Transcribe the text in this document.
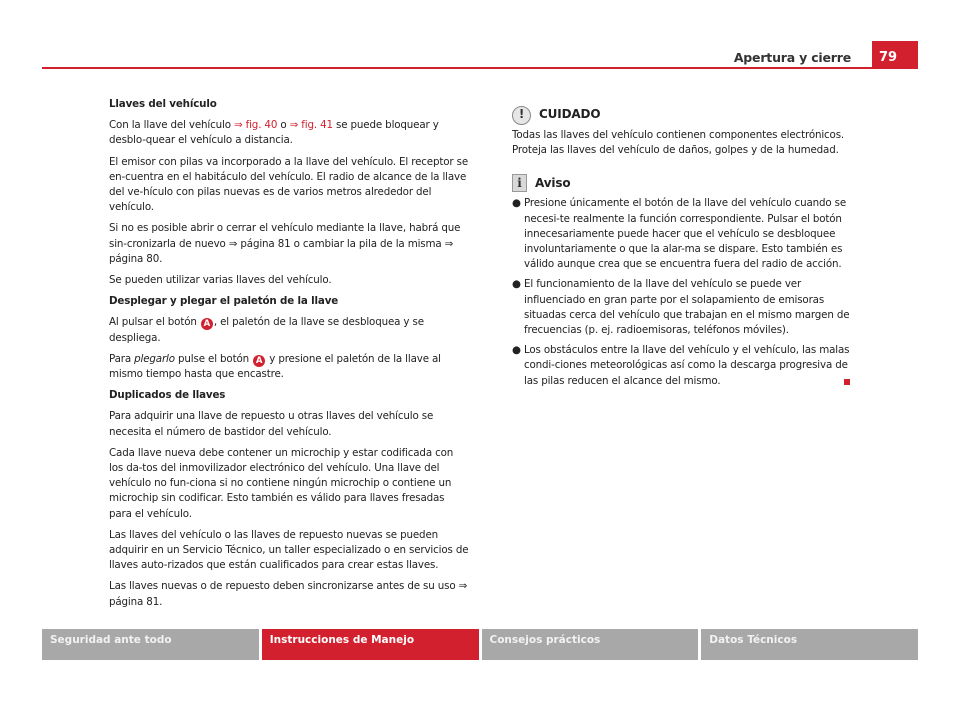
Apertura y cierre	79

Llaves del vehículo

Con la llave del vehículo ⇒ fig. 40 o ⇒ fig. 41 se puede bloquear y desblo-quear el vehículo a distancia.

El emisor con pilas va incorporado a la llave del vehículo. El receptor se en-cuentra en el habitáculo del vehículo. El radio de alcance de la llave del ve-hículo con pilas nuevas es de varios metros alrededor del vehículo.

Si no es posible abrir o cerrar el vehículo mediante la llave, habrá que sin-cronizarla de nuevo ⇒ página 81 o cambiar la pila de la misma ⇒ página 80.

Se pueden utilizar varias llaves del vehículo.

Desplegar y plegar el paletón de la llave

Al pulsar el botón A , el paletón de la llave se desbloquea y se despliega.

Para plegarlo pulse el botón A y presione el paletón de la llave al mismo tiempo hasta que encastre.

Duplicados de llaves

Para adquirir una llave de repuesto u otras llaves del vehículo se necesita el número de bastidor del vehículo.

Cada llave nueva debe contener un microchip y estar codificada con los da-tos del inmovilizador electrónico del vehículo. Una llave del vehículo no fun-ciona si no contiene ningún microchip o contiene un microchip sin codificar. Esto también es válido para llaves fresadas para el vehículo.

Las llaves del vehículo o las llaves de repuesto nuevas se pueden adquirir en un Servicio Técnico, un taller especializado o en servicios de llaves auto-rizados que están cualificados para crear estas llaves.

Las llaves nuevas o de repuesto deben sincronizarse antes de su uso ⇒ página 81.

!	CUIDADO

Todas las llaves del vehículo contienen componentes electrónicos. Proteja las llaves del vehículo de daños, golpes y de la humedad.

i	Aviso
● Presione únicamente el botón de la llave del vehículo cuando se necesi-te realmente la función correspondiente. Pulsar el botón innecesariamente puede hacer que el vehículo se desbloquee involuntariamente o que la alar-ma se dispare. Esto también es válido aunque crea que se encuentra fuera del radio de acción.
● El funcionamiento de la llave del vehículo se puede ver influenciado en gran parte por el solapamiento de emisoras situadas cerca del vehículo que trabajan en el mismo margen de frecuencias (p. ej. radioemisoras, teléfonos móviles).
● Los obstáculos entre la llave del vehículo y el vehículo, las malas condi-ciones meteorológicas así como la descarga progresiva de las pilas reducen el alcance del mismo.
Seguridad ante todo	Instrucciones de Manejo	Consejos prácticos	Datos Técnicos
